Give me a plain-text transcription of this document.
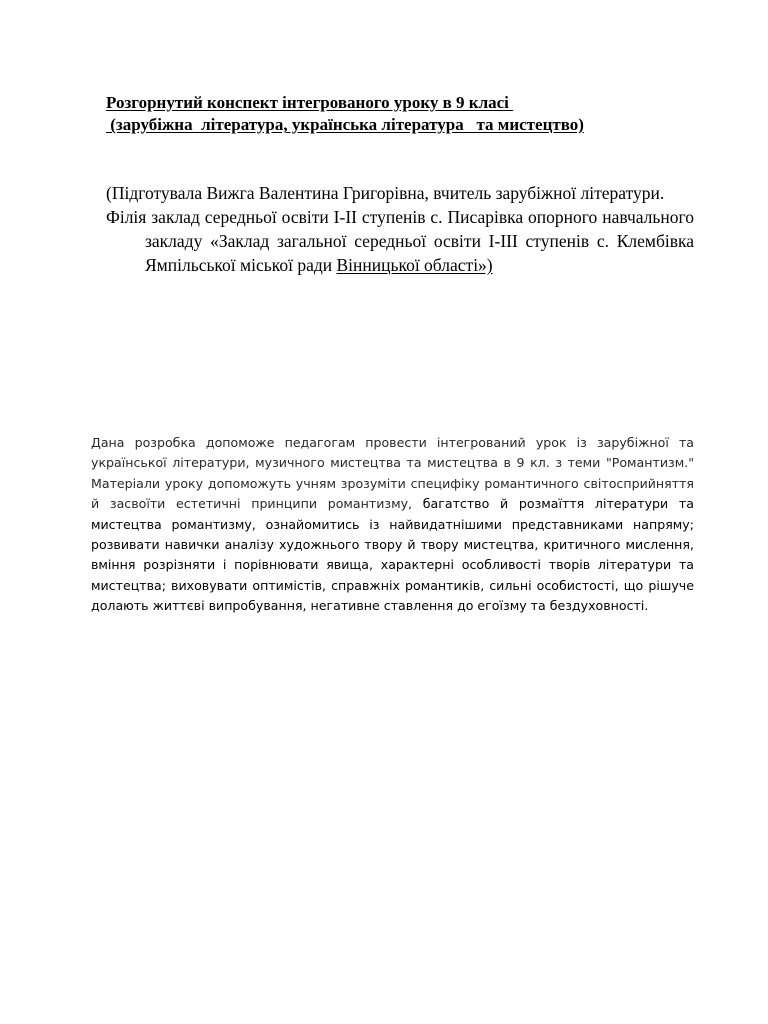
Розгорнутий конспект інтегрованого уроку в 9 класі
(зарубіжна  література, українська література   та мистецтво)
(Підготувала Вижга Валентина Григорівна, вчитель зарубіжної літератури.
Філія заклад середньої освіти І-ІІ ступенів с. Писарівка опорного навчального закладу «Заклад загальної середньої освіти І-ІІІ ступенів с. Клембівка Ямпільської міської ради Вінницької області»)
Дана розробка допоможе педагогам провести інтегрований урок із зарубіжної та української літератури, музичного мистецтва та мистецтва в 9 кл. з теми "Романтизм." Матеріали уроку допоможуть учням зрозуміти специфіку романтичного світосприйняття й засвоїти естетичні принципи романтизму, багатство й розмаїття літератури та мистецтва романтизму, ознайомитись із найвидатнішими представниками напряму; розвивати навички аналізу художнього твору й твору мистецтва, критичного мислення, вміння розрізняти і порівнювати явища, характерні особливості творів літератури та мистецтва; виховувати оптимістів, справжніх романтиків, сильні особистості, що рішуче долають життєві випробування, негативне ставлення до егоїзму та бездуховності.
